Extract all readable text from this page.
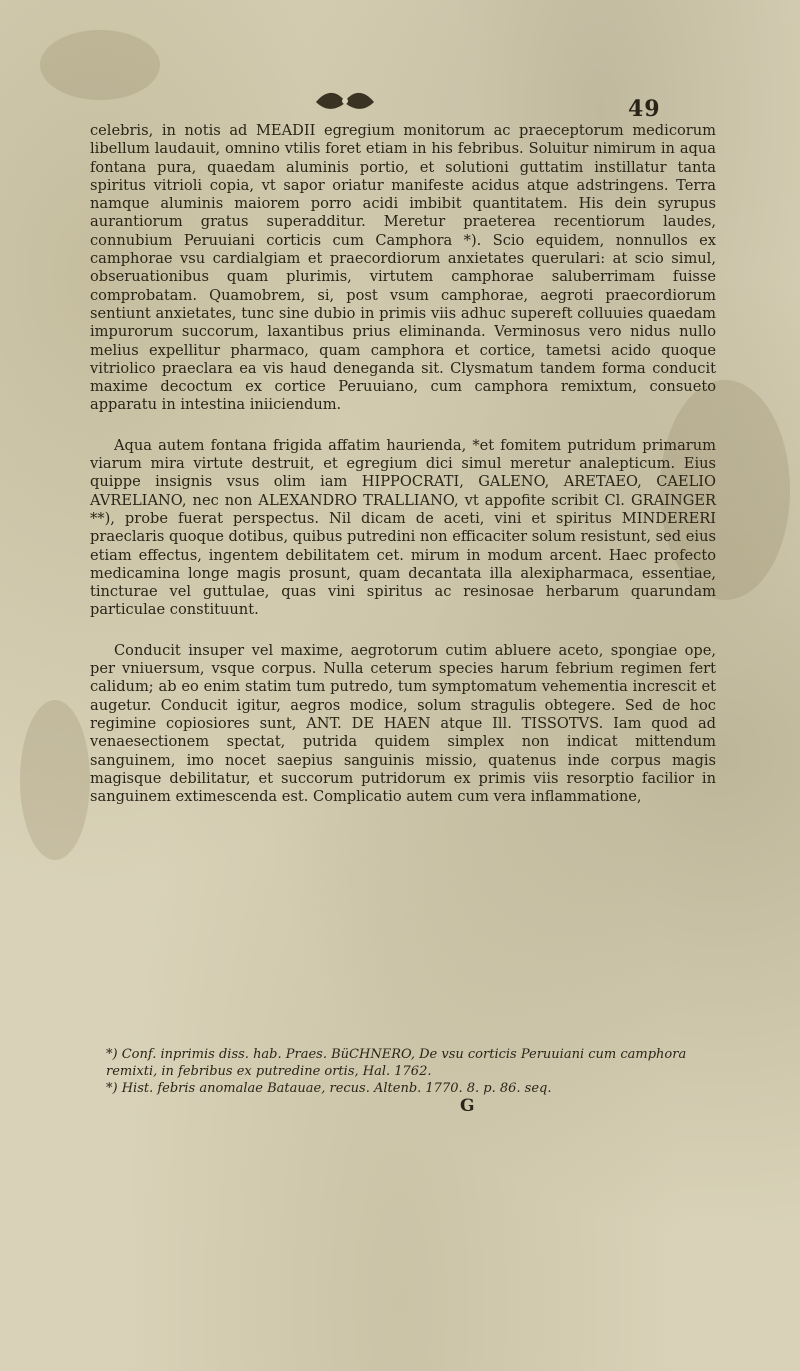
49

celebris, in notis ad MEADII egregium monitorum ac praeceptorum medicorum libellum laudauit, omnino vtilis foret etiam in his febribus. Soluitur nimirum in aqua fontana pura, quaedam aluminis portio, et solutioni guttatim instillatur tanta spiritus vitrioli copia, vt sapor oriatur manifeste acidus atque adstringens. Terra namque aluminis maiorem porro acidi imbibit quantitatem. His dein syrupus aurantiorum gratus superadditur. Meretur praeterea recentiorum laudes, connubium Peruuiani corticis cum Camphora *). Scio equidem, nonnullos ex camphorae vsu cardialgiam et praecordiorum anxietates querulari: at scio simul, obseruationibus quam plurimis, virtutem camphorae saluberrimam fuisse comprobatam. Quamobrem, si, post vsum camphorae, aegroti praecordiorum sentiunt anxietates, tunc sine dubio in primis viis adhuc supereft colluuies quaedam impurorum succorum, laxantibus prius eliminanda. Verminosus vero nidus nullo melius expellitur pharmaco, quam camphora et cortice, tametsi acido quoque vitriolico praeclara ea vis haud deneganda sit. Clysmatum tandem forma conducit maxime decoctum ex cortice Peruuiano, cum camphora remixtum, consueto apparatu in intestina iniiciendum.

Aqua autem fontana frigida affatim haurienda, *et fomitem putridum primarum viarum mira virtute destruit, et egregium dici simul meretur analepticum. Eius quippe insignis vsus olim iam HIPPOCRATI, GALENO, ARETAEO, CAELIO AVRELIANO, nec non ALEXANDRO TRALLIANO, vt appofite scribit Cl. GRAINGER **), probe fuerat perspectus. Nil dicam de aceti, vini et spiritus MINDERERI praeclaris quoque dotibus, quibus putredini non efficaciter solum resistunt, sed eius etiam effectus, ingentem debilitatem cet. mirum in modum arcent. Haec profecto medicamina longe magis prosunt, quam decantata illa alexipharmaca, essentiae, tincturae vel guttulae, quas vini spiritus ac resinosae herbarum quarundam particulae constituunt.

Conducit insuper vel maxime, aegrotorum cutim abluere aceto, spongiae ope, per vniuersum, vsque corpus. Nulla ceterum species harum febrium regimen fert calidum; ab eo enim statim tum putredo, tum symptomatum vehementia increscit et augetur. Conducit igitur, aegros modice, solum stragulis obtegere. Sed de hoc regimine copiosiores sunt, ANT. DE HAEN atque Ill. TISSOTVS. Iam quod ad venaesectionem spectat, putrida quidem simplex non indicat mittendum sanguinem, imo nocet saepius sanguinis missio, quatenus inde corpus magis magisque debilitatur, et succorum putridorum ex primis viis resorptio facilior in sanguinem extimescenda est. Complicatio autem cum vera inflammatione,

*) Conf. inprimis diss. hab. Praes. BüCHNERO, De vsu corticis Peruuiani cum camphora remixti, in febribus ex putredine ortis, Hal. 1762.

*) Hist. febris anomalae Batauae, recus. Altenb. 1770. 8. p. 86. seq.

G
